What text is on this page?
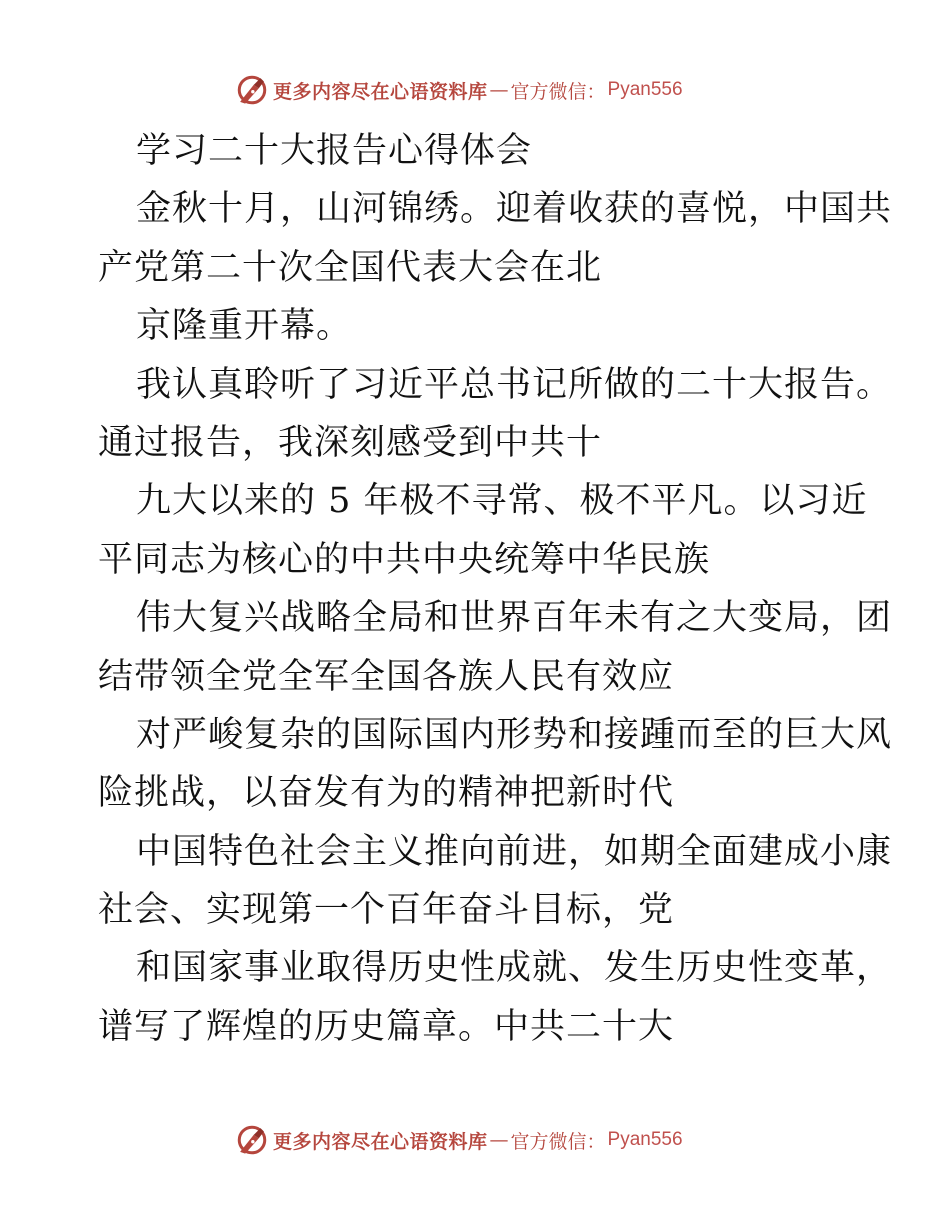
更多内容尽在心语资料库 — 官方微信： Pyan556
学习二十大报告心得体会
金秋十月，山河锦绣。迎着收获的喜悦，中国共
产党第二十次全国代表大会在北
京隆重开幕。
我认真聆听了习近平总书记所做的二十大报告。
通过报告，我深刻感受到中共十
九大以来的 5 年极不寻常、极不平凡。以习近
平同志为核心的中共中央统筹中华民族
伟大复兴战略全局和世界百年未有之大变局，团
结带领全党全军全国各族人民有效应
对严峻复杂的国际国内形势和接踵而至的巨大风
险挑战，以奋发有为的精神把新时代
中国特色社会主义推向前进，如期全面建成小康
社会、实现第一个百年奋斗目标，党
和国家事业取得历史性成就、发生历史性变革，
谱写了辉煌的历史篇章。中共二十大
更多内容尽在心语资料库 — 官方微信： Pyan556
